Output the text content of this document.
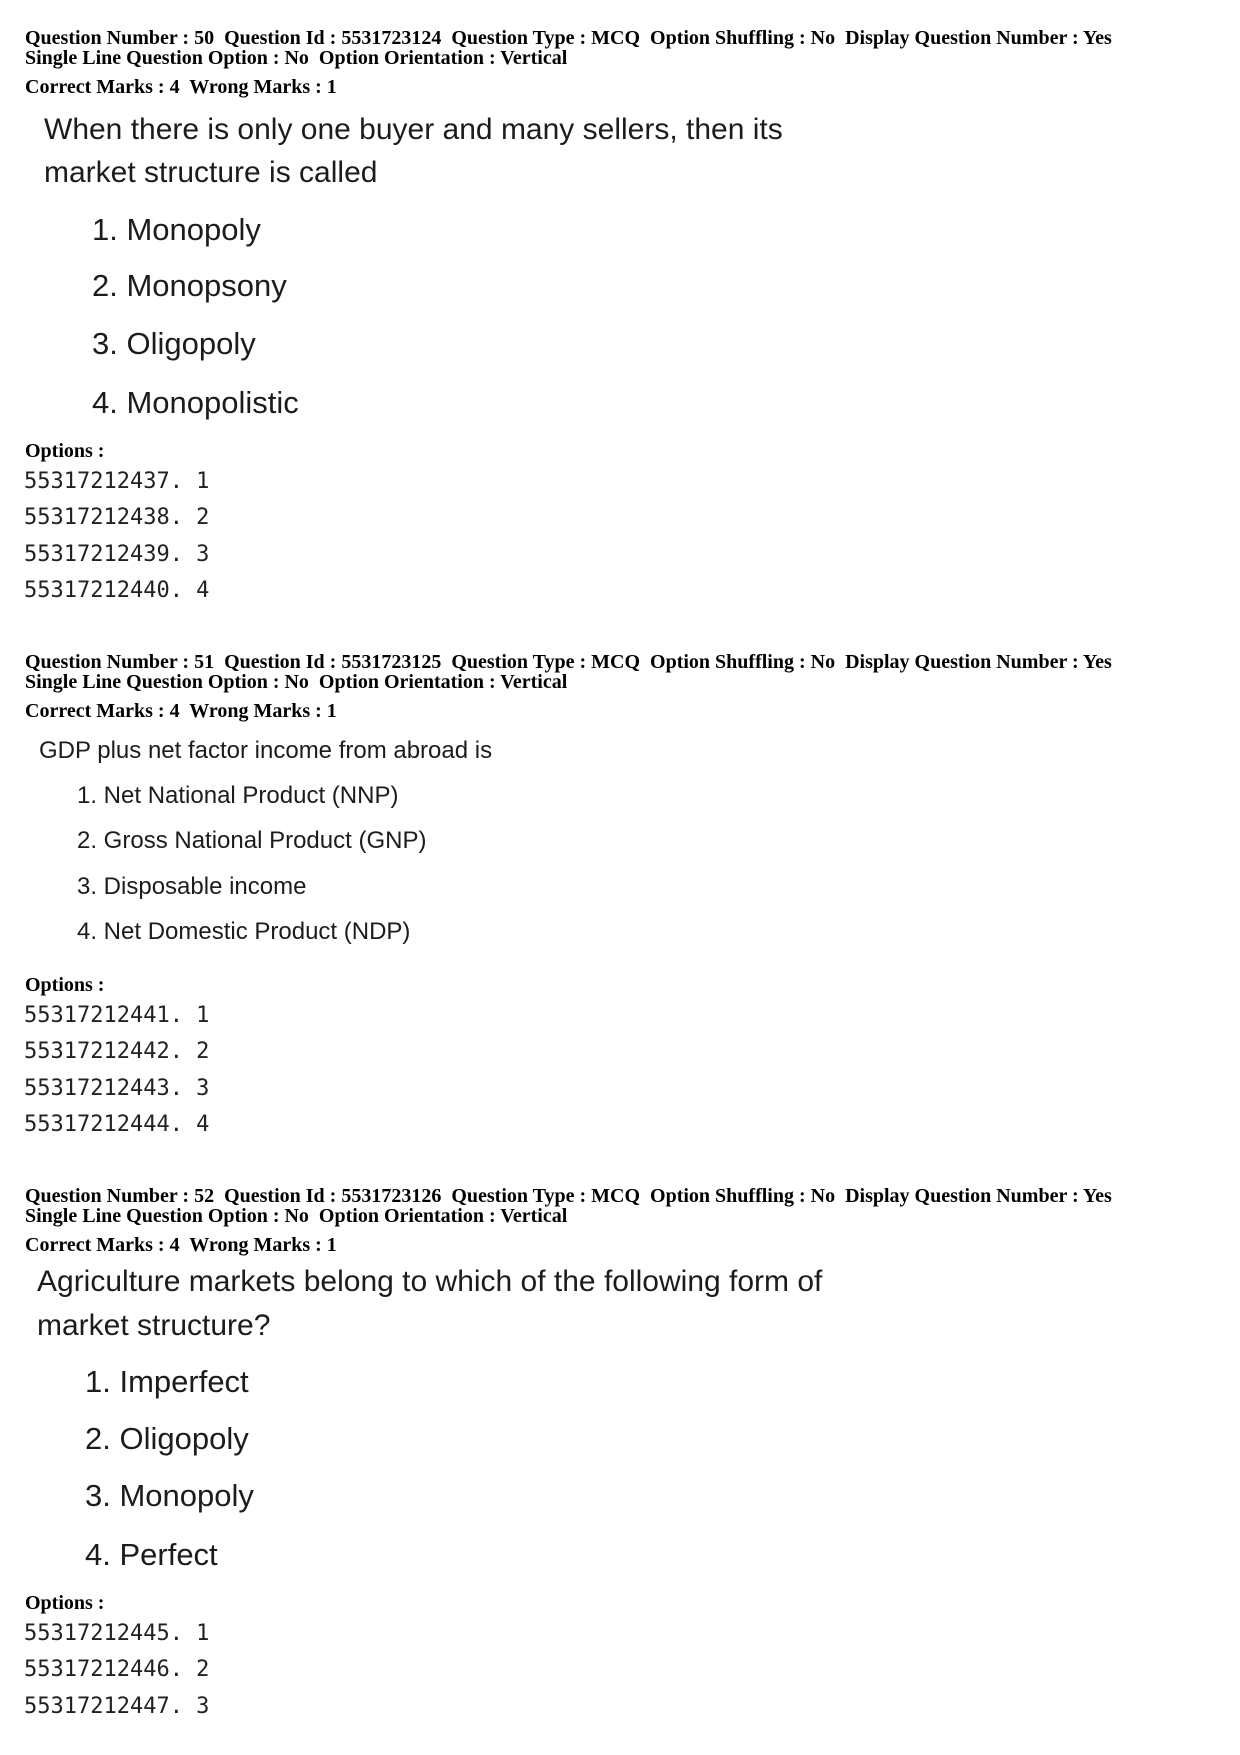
Question Number : 50  Question Id : 5531723124  Question Type : MCQ  Option Shuffling : No  Display Question Number : Yes

Single Line Question Option : No  Option Orientation : Vertical

Correct Marks : 4  Wrong Marks : 1

When there is only one buyer and many sellers, then its

market structure is called

1. Monopoly

2. Monopsony

3. Oligopoly

4. Monopolistic

Options :

55317212437. 1

55317212438. 2

55317212439. 3

55317212440. 4

Question Number : 51  Question Id : 5531723125  Question Type : MCQ  Option Shuffling : No  Display Question Number : Yes

Single Line Question Option : No  Option Orientation : Vertical

Correct Marks : 4  Wrong Marks : 1

GDP plus net factor income from abroad is

1. Net National Product (NNP)

2. Gross National Product (GNP)

3. Disposable income

4. Net Domestic Product (NDP)

Options :

55317212441. 1

55317212442. 2

55317212443. 3

55317212444. 4

Question Number : 52  Question Id : 5531723126  Question Type : MCQ  Option Shuffling : No  Display Question Number : Yes

Single Line Question Option : No  Option Orientation : Vertical

Correct Marks : 4  Wrong Marks : 1

Agriculture markets belong to which of the following form of

market structure?

1. Imperfect

2. Oligopoly

3. Monopoly

4. Perfect

Options :

55317212445. 1

55317212446. 2

55317212447. 3
